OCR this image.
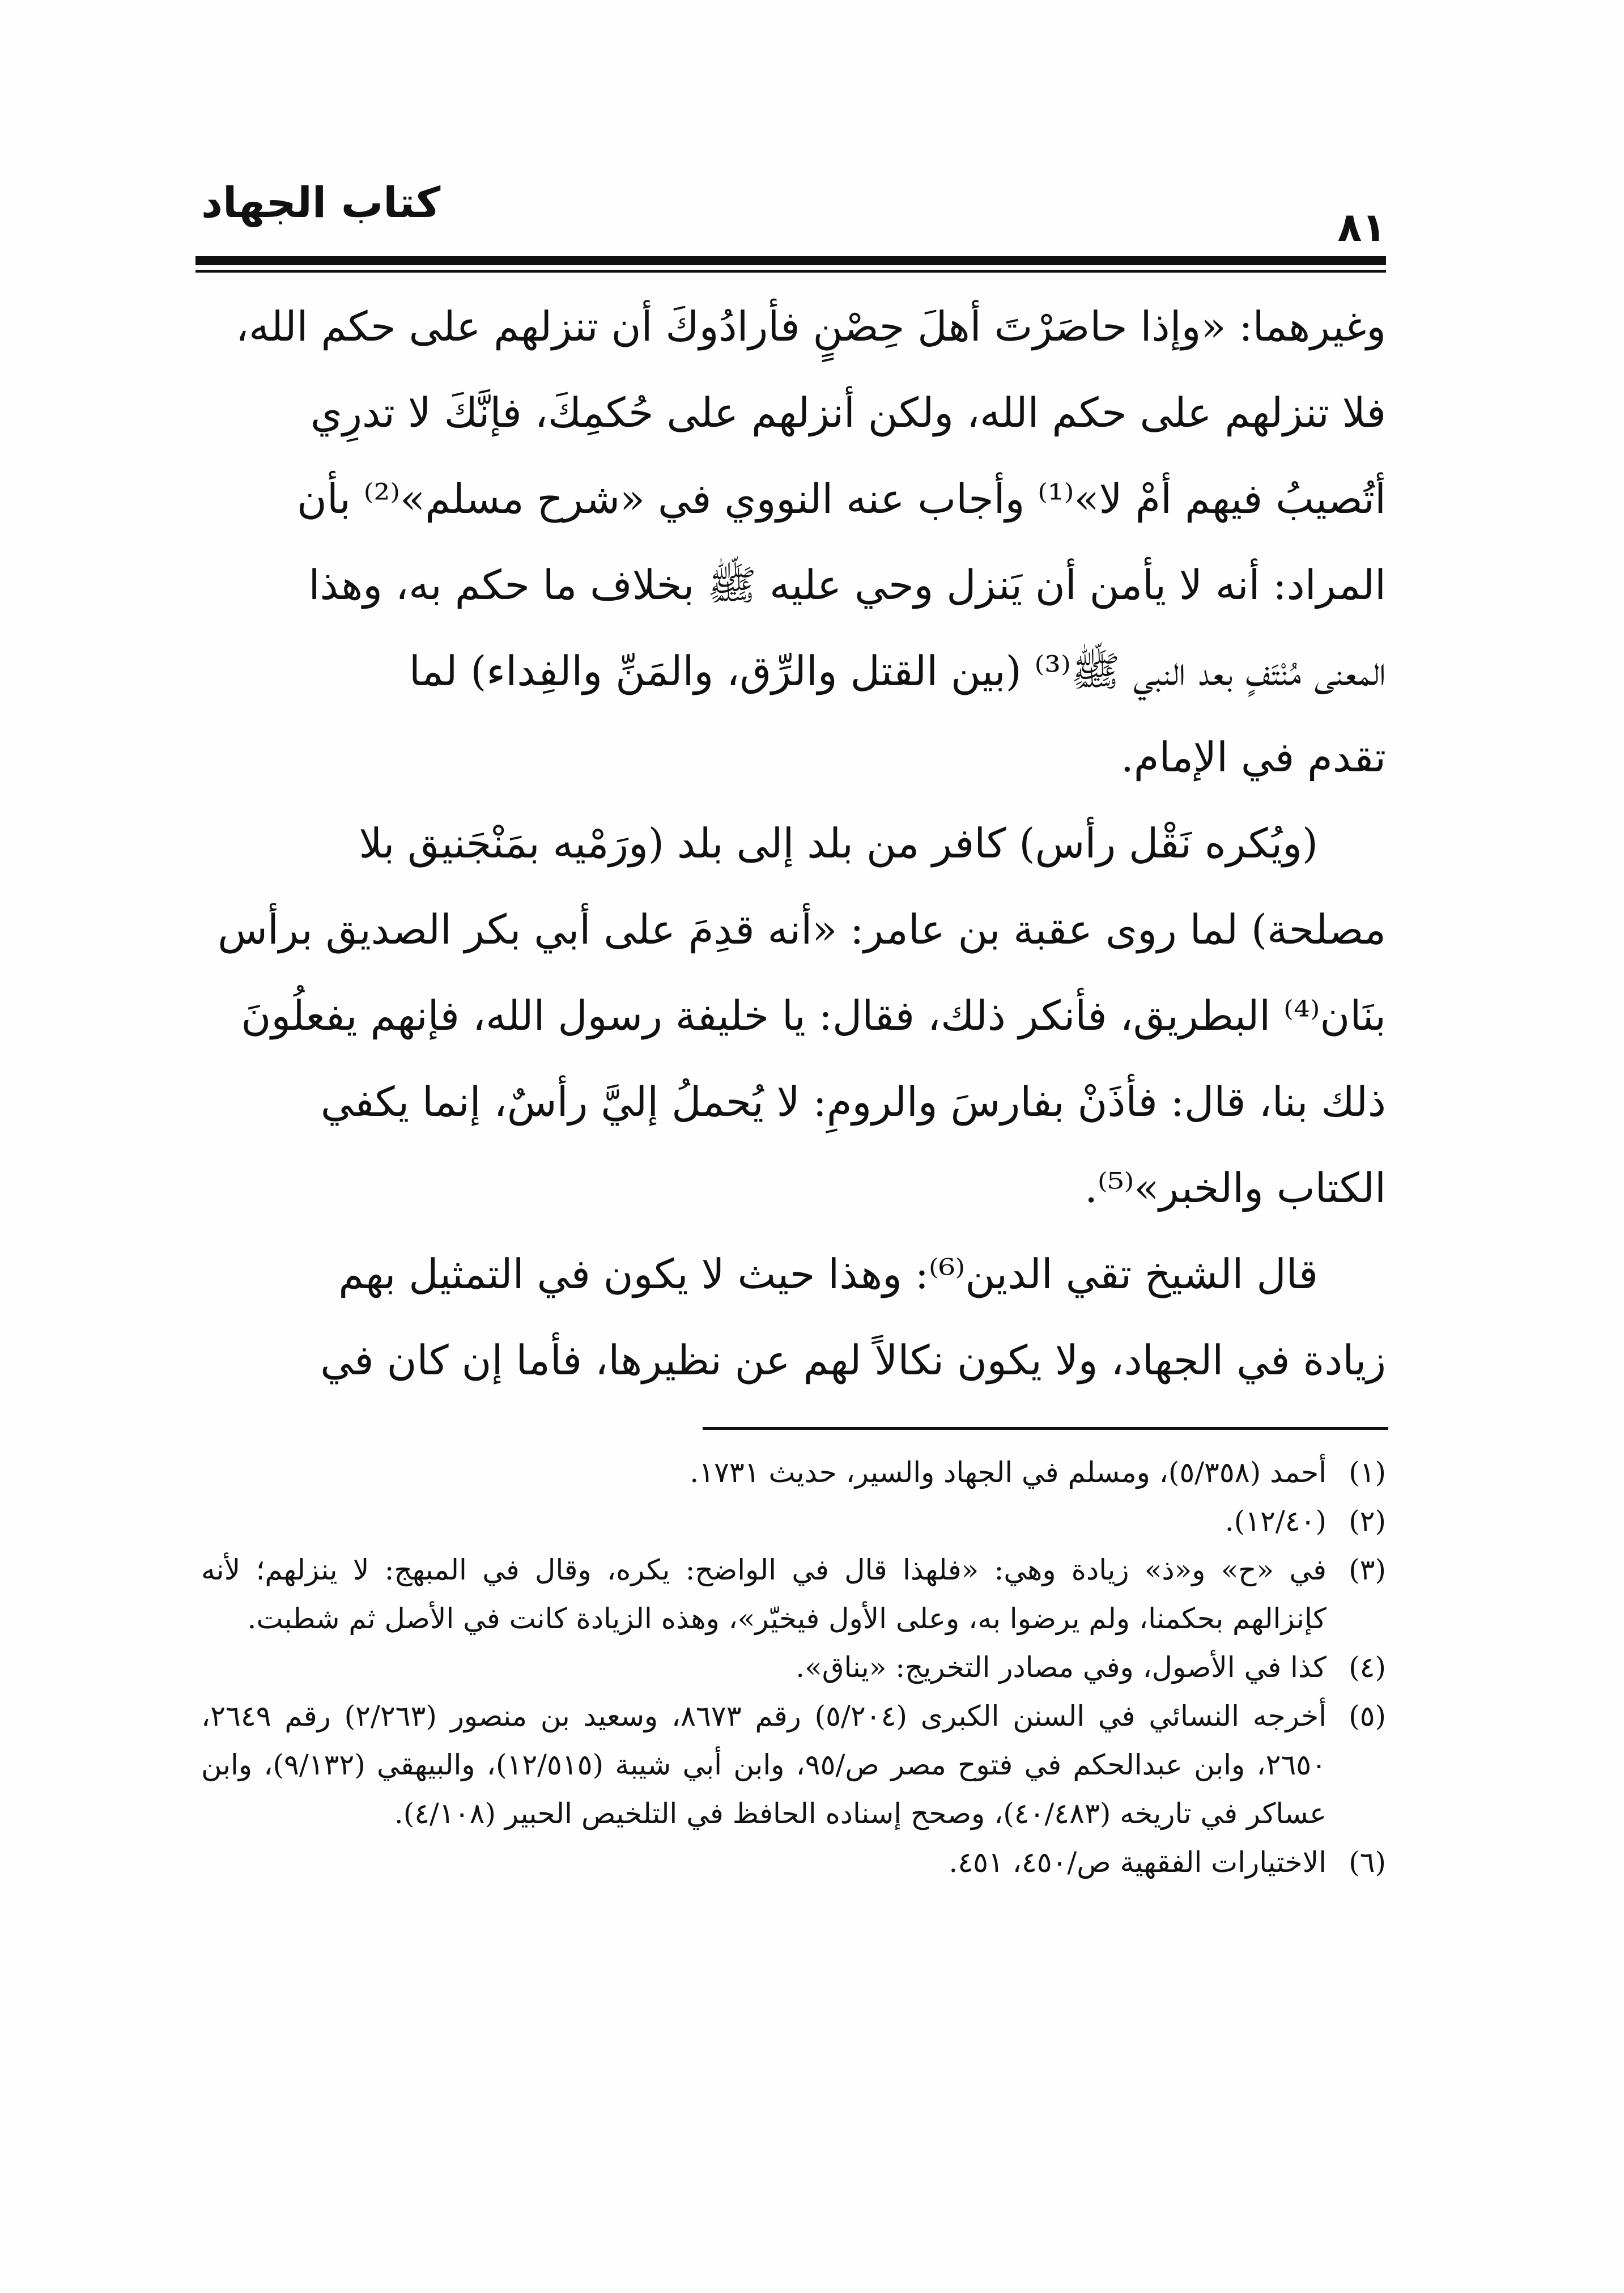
كتاب الجهاد	٨١

وغيرهما: «وإذا حاصَرْتَ أهلَ حِصْنٍ فأرادُوكَ أن تنزلهم على حكم الله،
فلا تنزلهم على حكم الله، ولكن أنزلهم على حُكمِكَ، فإنَّكَ لا تدرِي
أتُصيبُ فيهم أمْ لا»⁽¹⁾ وأجاب عنه النووي في «شرح مسلم»⁽²⁾ بأن
المراد: أنه لا يأمن أن يَنزل وحي عليه ﷺ بخلاف ما حكم به، وهذا
المعنى مُنْتَفٍ بعد النبي ﷺ⁽³⁾ (بين القتل والرِّق، والمَنِّ والفِداء) لما
تقدم في الإمام.

(ويُكره نَقْل رأس) كافر من بلد إلى بلد (ورَمْيه بمَنْجَنيق بلا
مصلحة) لما روى عقبة بن عامر: «أنه قدِمَ على أبي بكر الصديق برأس
بنَان⁽⁴⁾ البطريق، فأنكر ذلك، فقال: يا خليفة رسول الله، فإنهم يفعلُونَ
ذلك بنا، قال: فأذَنْ بفارسَ والرومِ: لا يُحملُ إليَّ رأسٌ، إنما يكفي
الكتاب والخبر»⁽⁵⁾.

قال الشيخ تقي الدين⁽⁶⁾: وهذا حيث لا يكون في التمثيل بهم
زيادة في الجهاد، ولا يكون نكالاً لهم عن نظيرها، فأما إن كان في

(١)
أحمد (٥/٣٥٨)، ومسلم في الجهاد والسير، حديث ١٧٣١.
(٢)
(١٢/٤٠).
(٣)
في «ح» و«ذ» زيادة وهي: «فلهذا قال في الواضح: يكره، وقال في المبهج: لا ينزلهم؛ لأنه كإنزالهم بحكمنا، ولم يرضوا به، وعلى الأول فيخيّر»، وهذه الزيادة كانت في الأصل ثم شطبت.
(٤)
كذا في الأصول، وفي مصادر التخريج: «يناق».
(٥)
أخرجه النسائي في السنن الكبرى (٥/٢٠٤) رقم ٨٦٧٣، وسعيد بن منصور (٢/٢٦٣) رقم ٢٦٤٩، ٢٦٥٠، وابن عبدالحكم في فتوح مصر ص/٩٥، وابن أبي شيبة (١٢/٥١٥)، والبيهقي (٩/١٣٢)، وابن عساكر في تاريخه (٤٠/٤٨٣)، وصحح إسناده الحافظ في التلخيص الحبير (٤/١٠٨).
(٦)
الاختيارات الفقهية ص/٤٥٠، ٤٥١.
